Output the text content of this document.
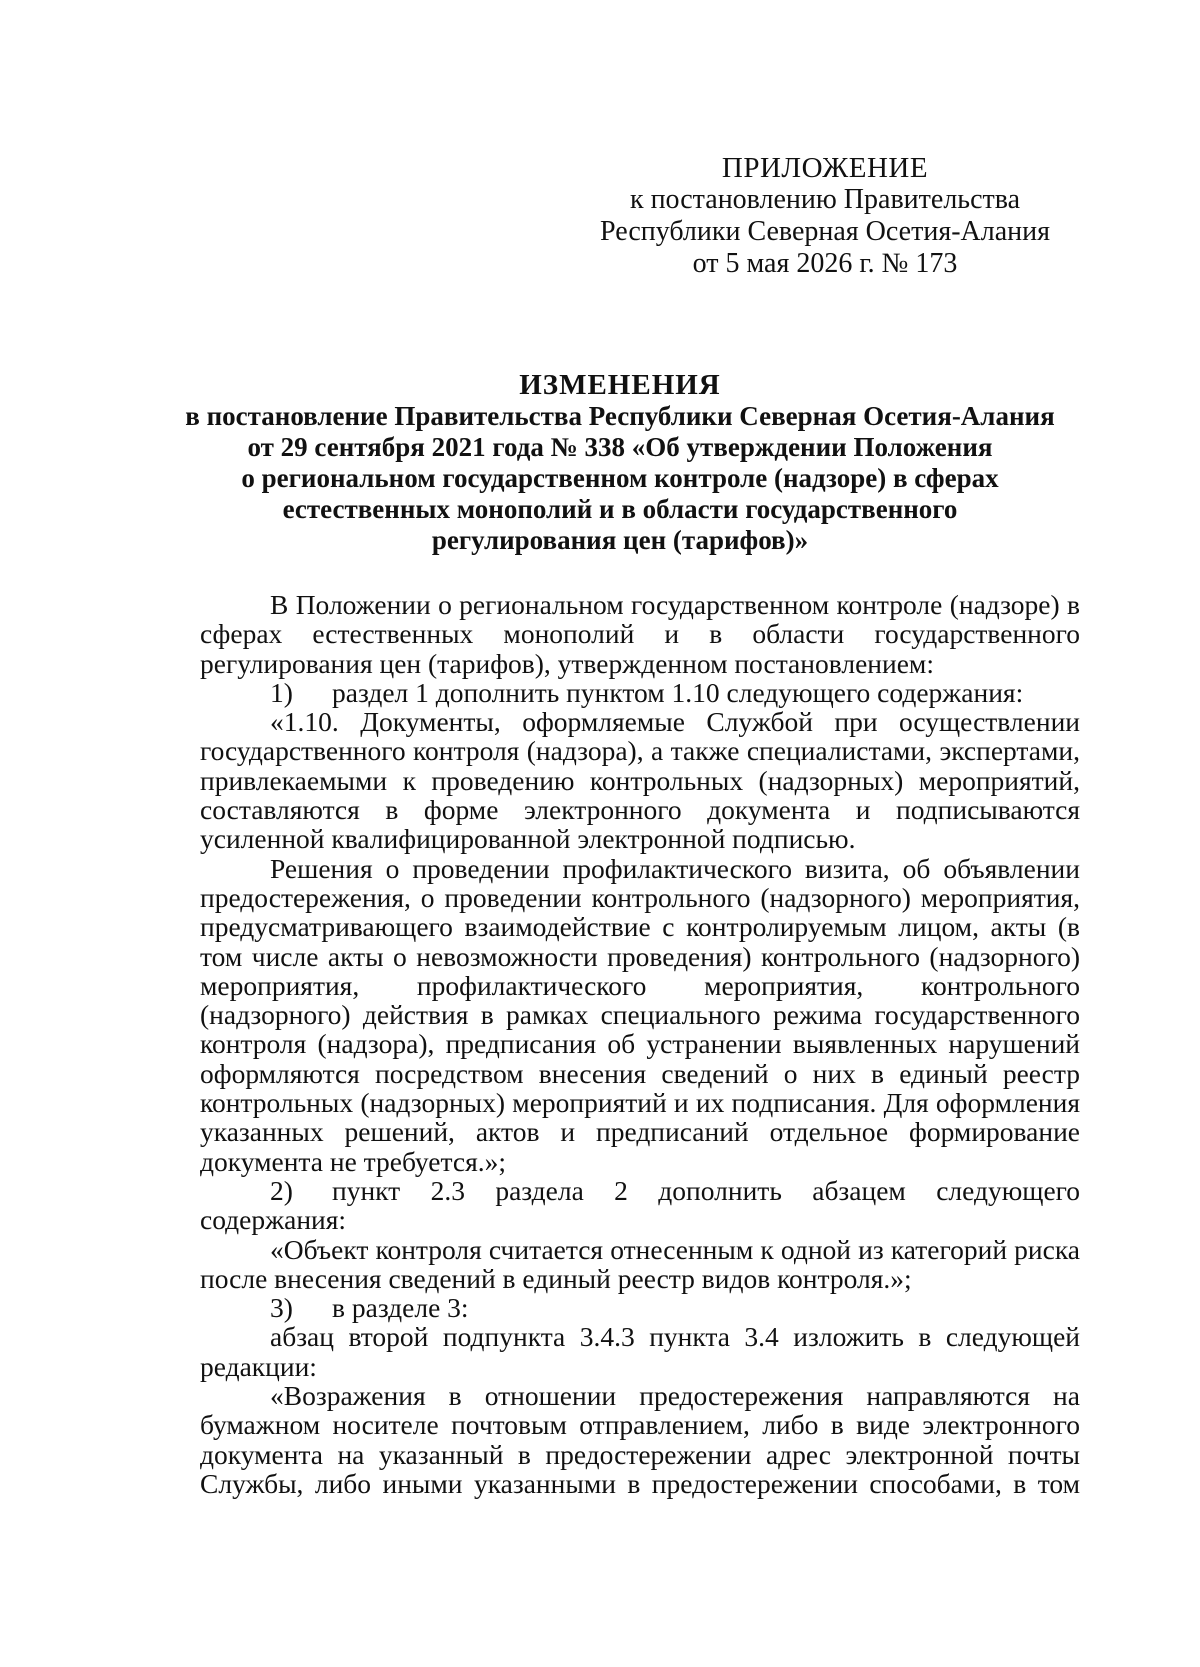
ПРИЛОЖЕНИЕ
к постановлению Правительства
Республики Северная Осетия-Алания
от 5 мая 2026 г. № 173
ИЗМЕНЕНИЯ
в постановление Правительства Республики Северная Осетия-Алания
от 29 сентября 2021 года № 338 «Об утверждении Положения
о региональном государственном контроле (надзоре) в сферах
естественных монополий и в области государственного
регулирования цен (тарифов)»

В Положении о региональном государственном контроле (надзоре) в сферах естественных монополий и в области государственного регулирования цен (тарифов), утвержденном постановлением:

1) раздел 1 дополнить пунктом 1.10 следующего содержания:

«1.10. Документы, оформляемые Службой при осуществлении государственного контроля (надзора), а также специалистами, экспертами, привлекаемыми к проведению контрольных (надзорных) мероприятий, составляются в форме электронного документа и подписываются усиленной квалифицированной электронной подписью.

Решения о проведении профилактического визита, об объявлении предостережения, о проведении контрольного (надзорного) мероприятия, предусматривающего взаимодействие с контролируемым лицом, акты (в том числе акты о невозможности проведения) контрольного (надзорного) мероприятия, профилактического мероприятия, контрольного (надзорного) действия в рамках специального режима государственного контроля (надзора), предписания об устранении выявленных нарушений оформляются посредством внесения сведений о них в единый реестр контрольных (надзорных) мероприятий и их подписания. Для оформления указанных решений, актов и предписаний отдельное формирование документа не требуется.»;

2) пункт 2.3 раздела 2 дополнить абзацем следующего содержания:

«Объект контроля считается отнесенным к одной из категорий риска после внесения сведений в единый реестр видов контроля.»;

3) в разделе 3:

абзац второй подпункта 3.4.3 пункта 3.4 изложить в следующей редакции:

«Возражения в отношении предостережения направляются на бумажном носителе почтовым отправлением, либо в виде электронного документа на указанный в предостережении адрес электронной почты Службы, либо иными указанными в предостережении способами, в том
